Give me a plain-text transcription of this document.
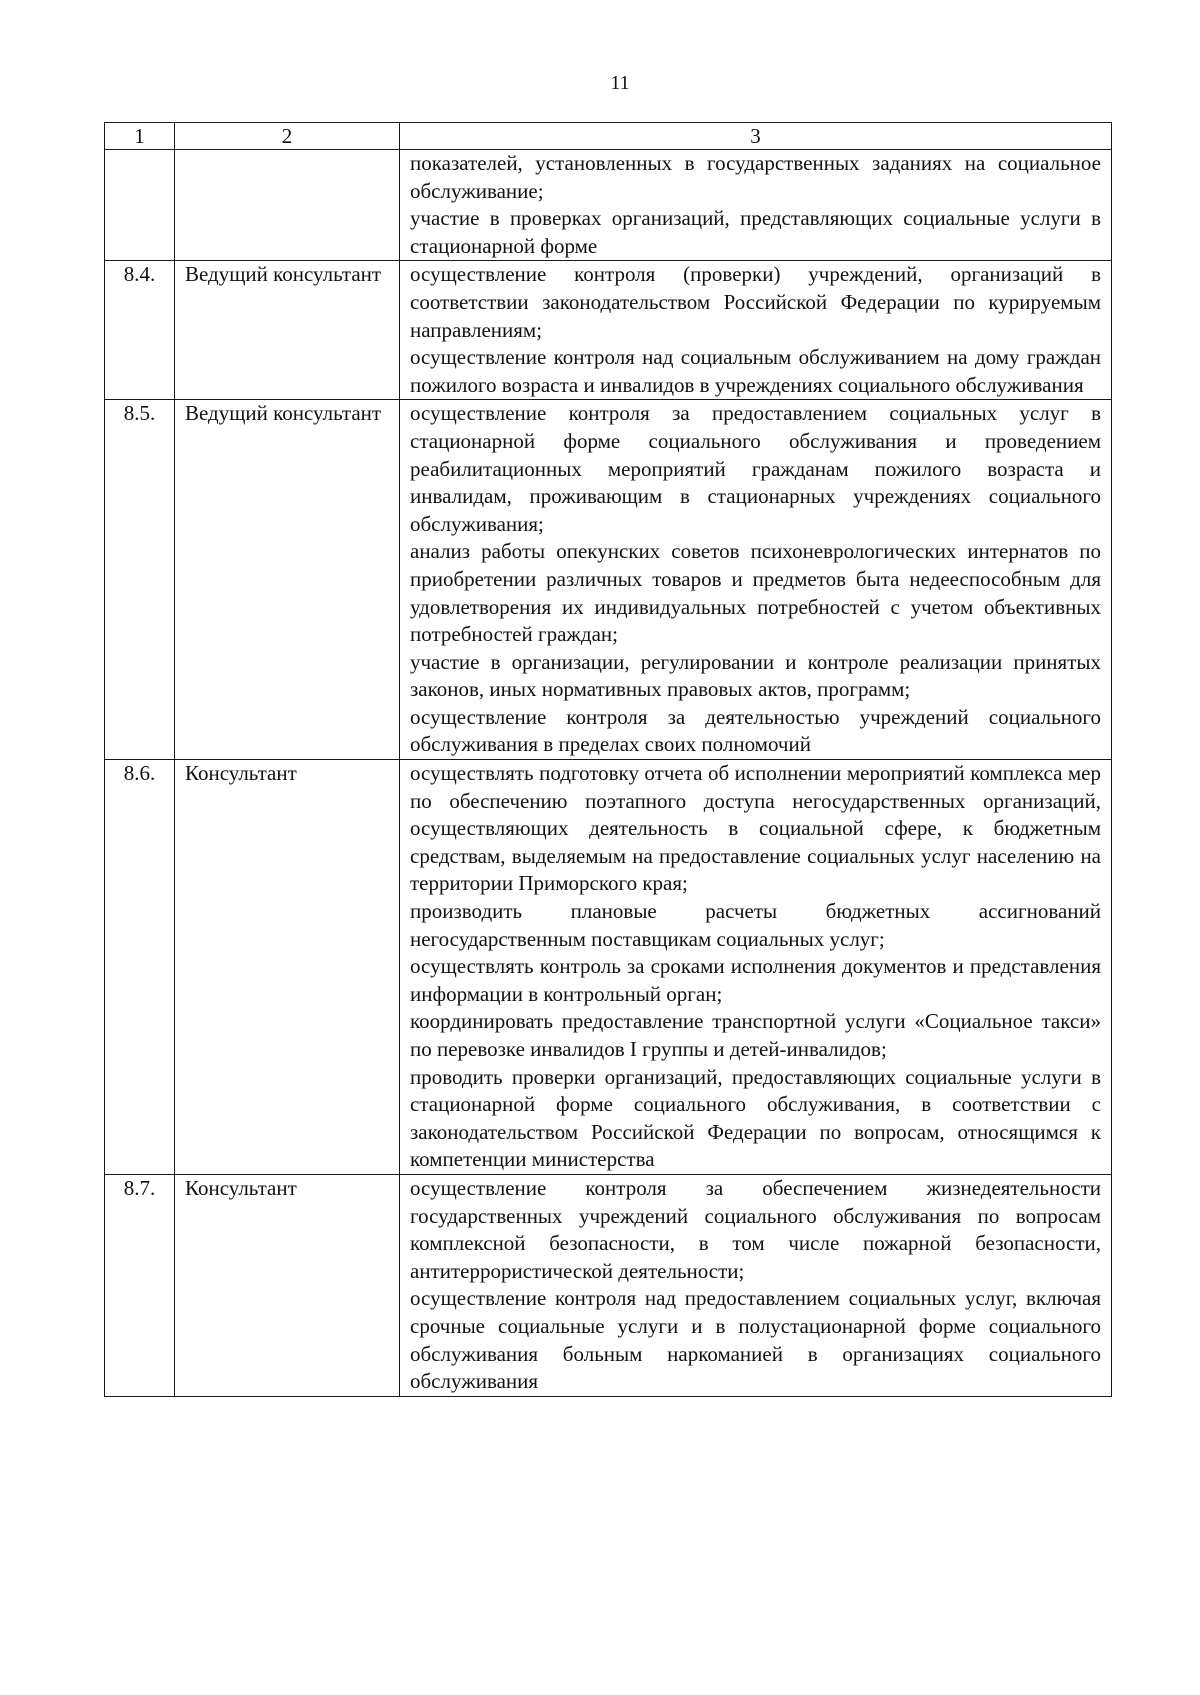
11
1	2	3

		показателей, установленных в государственных заданиях на социальное обслуживание;

участие в проверках организаций, представляющих социальные услуги в стационарной форме

8.4.	Ведущий консультант	осуществление контроля (проверки) учреждений, организаций в соответствии законодательством Российской Федерации по курируемым направлениям;

осуществление контроля над социальным обслуживанием на дому граждан пожилого возраста и инвалидов в учреждениях социального обслуживания

8.5.	Ведущий консультант	осуществление контроля за предоставлением социальных услуг в стационарной форме социального обслуживания и проведением реабилитационных мероприятий гражданам пожилого возраста и инвалидам, проживающим в стационарных учреждениях социального обслуживания;

анализ работы опекунских советов психоневрологических интернатов по приобретении различных товаров и предметов быта недееспособным для удовлетворения их индивидуальных потребностей с учетом объективных потребностей граждан;

участие в организации, регулировании и контроле реализации принятых законов, иных нормативных правовых актов, программ;

осуществление контроля за деятельностью учреждений социального обслуживания в пределах своих полномочий

8.6.	Консультант	осуществлять подготовку отчета об исполнении мероприятий комплекса мер по обеспечению поэтапного доступа негосударственных организаций, осуществляющих деятельность в социальной сфере, к бюджетным средствам, выделяемым на предоставление социальных услуг населению на территории Приморского края;

производить плановые расчеты бюджетных ассигнований негосударственным поставщикам социальных услуг;

осуществлять контроль за сроками исполнения документов и представления информации в контрольный орган;

координировать предоставление транспортной услуги «Социальное такси» по перевозке инвалидов I группы и детей-инвалидов;

проводить проверки организаций, предоставляющих социальные услуги в стационарной форме социального обслуживания, в соответствии с законодательством Российской Федерации по вопросам, относящимся к компетенции министерства

8.7.	Консультант	осуществление контроля за обеспечением жизнедеятельности государственных учреждений социального обслуживания по вопросам комплексной безопасности, в том числе пожарной безопасности, антитеррористической деятельности;

осуществление контроля над предоставлением социальных услуг, включая срочные социальные услуги и в полустационарной форме социального обслуживания больным наркоманией в организациях социального обслуживания
